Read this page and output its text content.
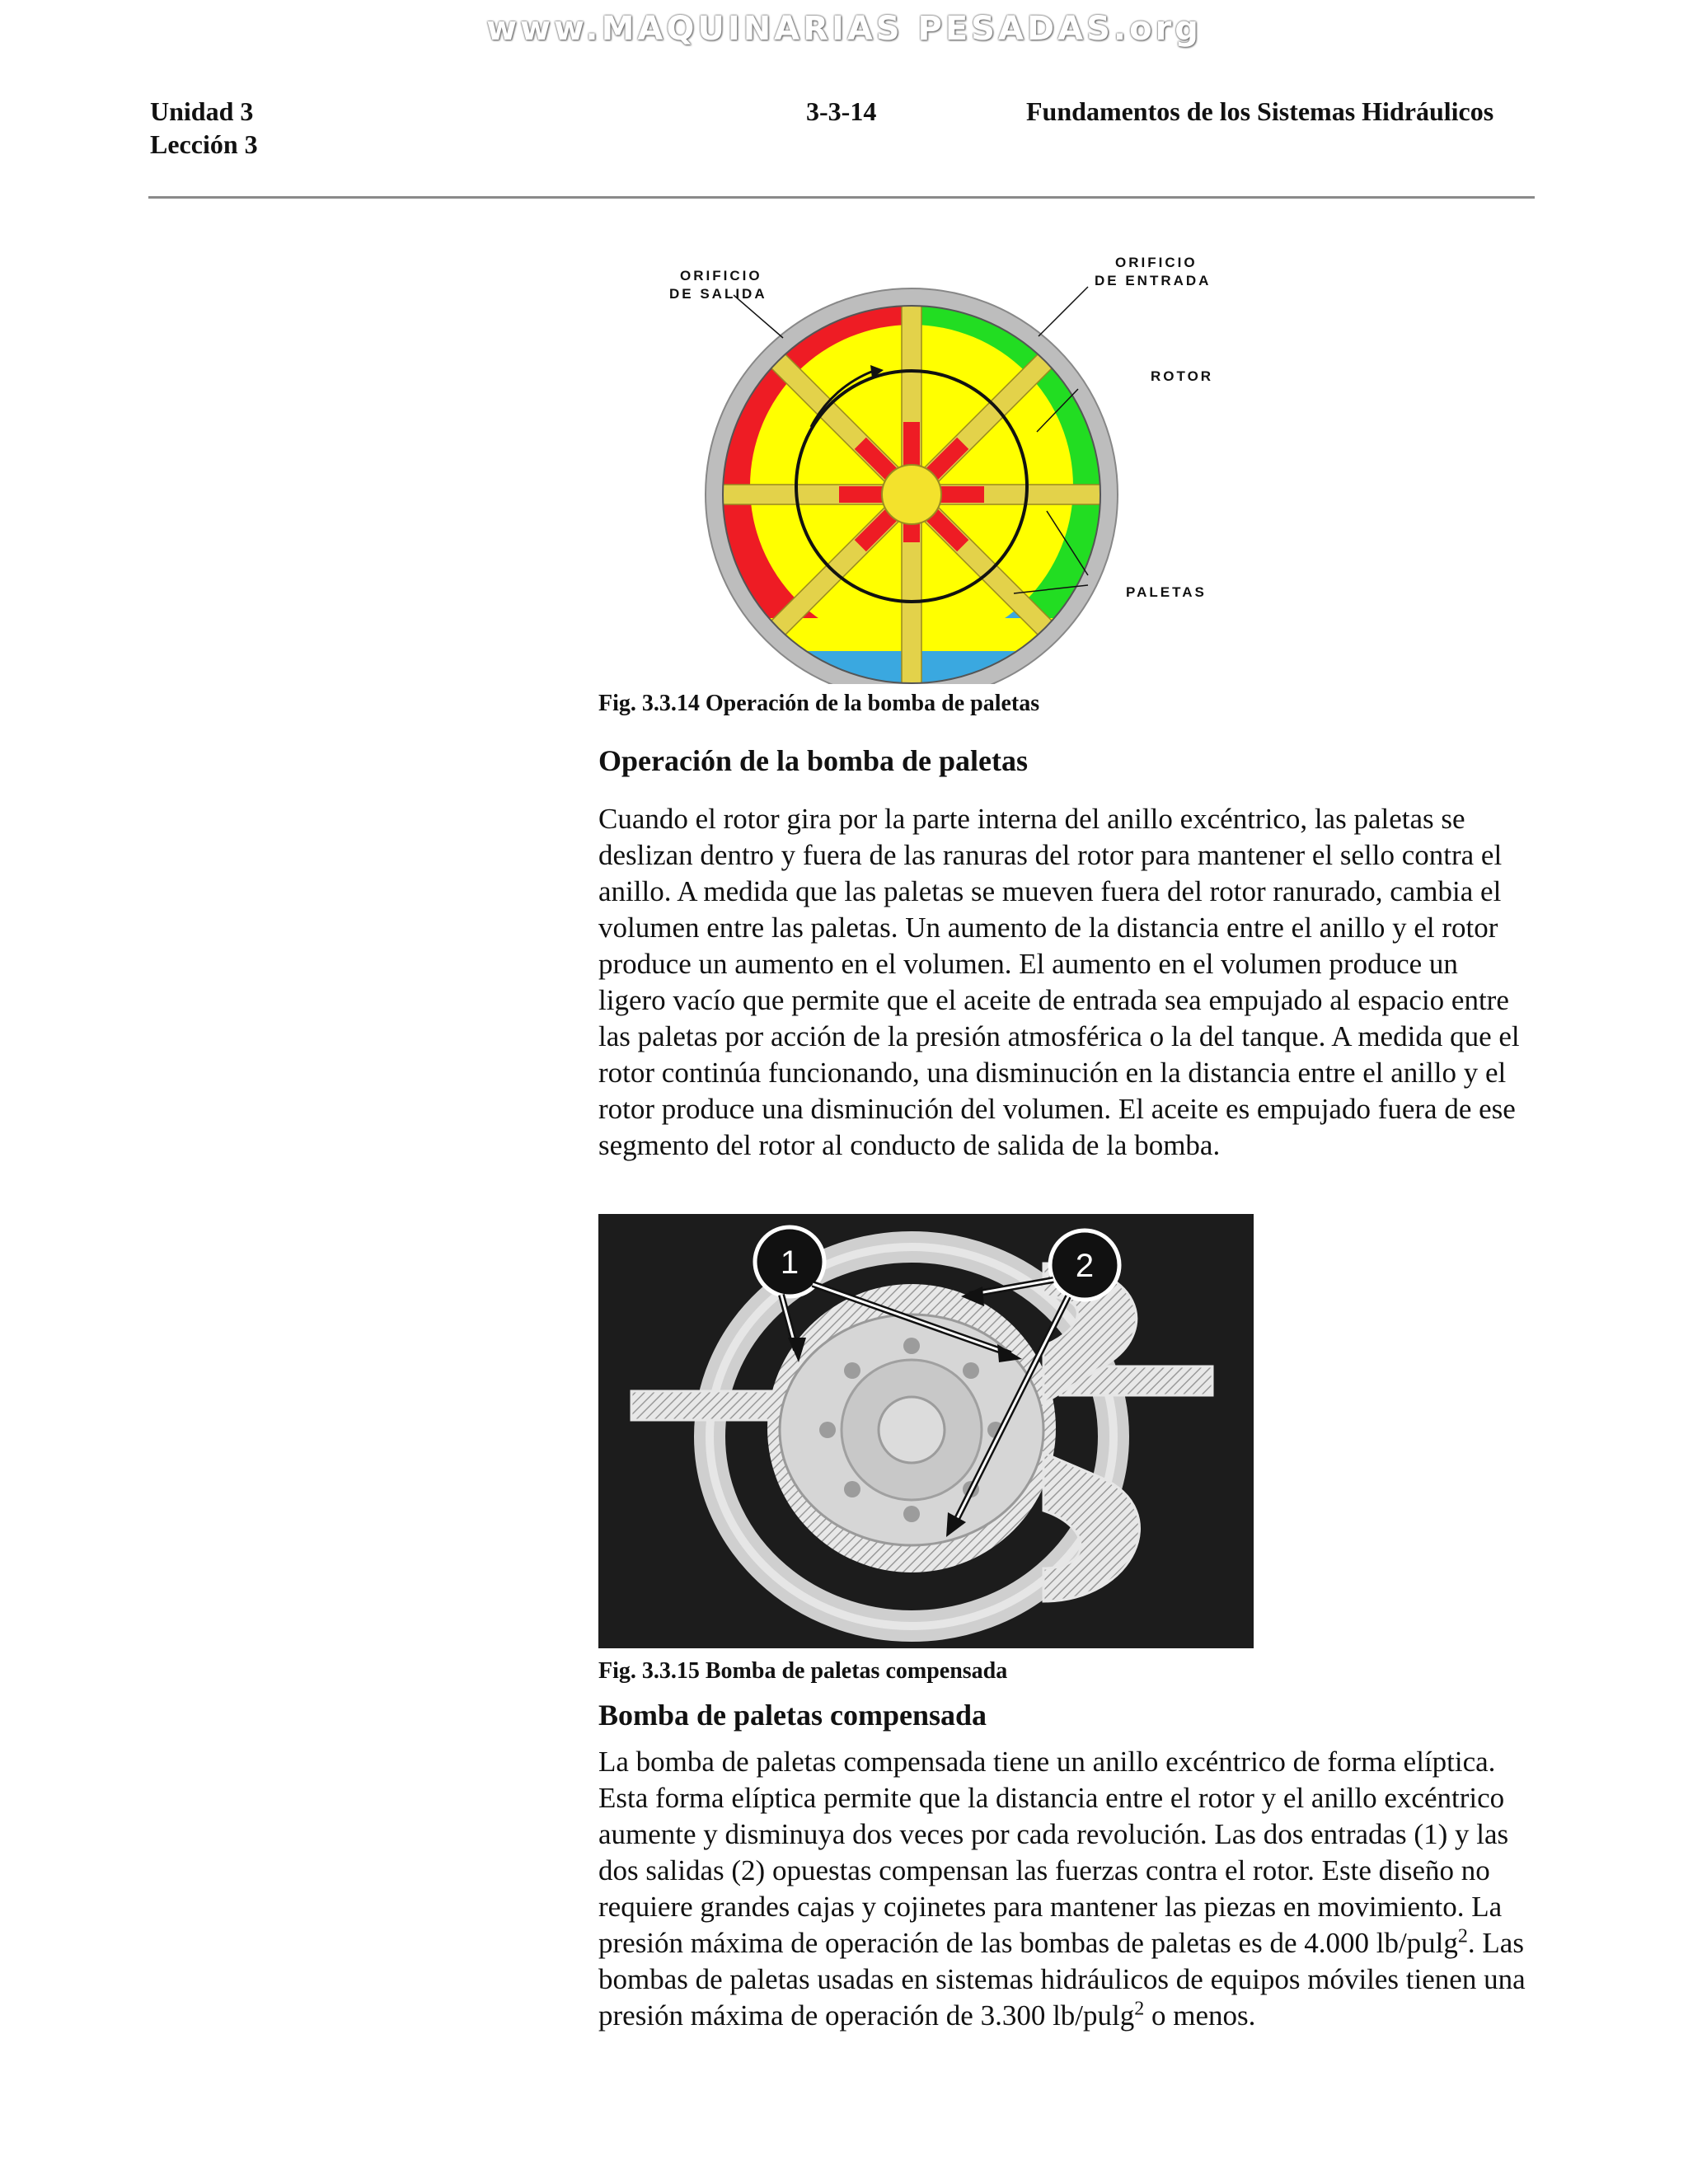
www.MAQUINARIAS PESADAS.org
Unidad 3
Lección 3
3-3-14	Fundamentos de los Sistemas Hidráulicos
ORIFICIO
DE SALIDA
ORIFICIO
DE ENTRADA
ROTOR
PALETAS
Fig. 3.3.14 Operación de la bomba de paletas
Operación de la bomba de paletas

Cuando el rotor gira por la parte interna del anillo excéntrico, las paletas se deslizan dentro y fuera de las ranuras del rotor para mantener el sello contra el anillo. A medida que las paletas se mueven fuera del rotor ranurado, cambia el volumen entre las paletas. Un aumento de la distancia entre el anillo y el rotor produce un aumento en el volumen. El aumento en el volumen produce un ligero vacío que permite que el aceite de entrada sea empujado al espacio entre las paletas por acción de la presión atmosférica o la del tanque. A medida que el rotor continúa funcionando, una disminución en la distancia entre el anillo y el rotor produce una disminución del volumen. El aceite es empujado fuera de ese segmento del rotor al conducto de salida de la bomba.

1	2
Fig. 3.3.15 Bomba de paletas compensada
Bomba de paletas compensada

La bomba de paletas compensada tiene un anillo excéntrico de forma elíptica. Esta forma elíptica permite que la distancia entre el rotor y el anillo excéntrico aumente y disminuya dos veces por cada revolución. Las dos entradas (1) y las dos salidas (2) opuestas compensan las fuerzas contra el rotor. Este diseño no requiere grandes cajas y cojinetes para mantener las piezas en movimiento. La presión máxima de operación de las bombas de paletas es de 4.000 lb/pulg$^2$. Las bombas de paletas usadas en sistemas hidráulicos de equipos móviles tienen una presión máxima de operación de 3.300 lb/pulg$^2$ o menos.
